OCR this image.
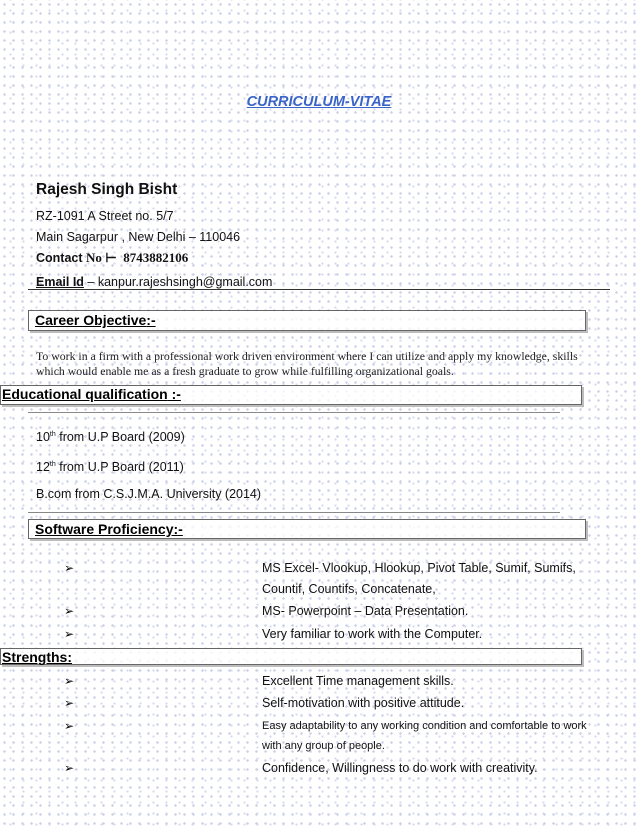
CURRICULUM-VITAE
Rajesh Singh Bisht
RZ-1091 A Street no. 5/7
Main Sagarpur , New Delhi – 110046
Contact No ⊢ 8743882106
Email Id – kanpur.rajeshsingh@gmail.com
Career Objective:-
To work in a firm with a professional work driven environment where I can utilize and apply my knowledge, skills which would enable me as a fresh graduate to grow while fulfilling organizational goals.
Educational qualification :-
10th from U.P Board (2009)
12th from U.P Board (2011)
B.com from C.S.J.M.A. University (2014)
Software Proficiency:-
➢	MS Excel- Vlookup, Hlookup, Pivot Table, Sumif, Sumifs,
Countif, Countifs, Concatenate,
➢	MS- Powerpoint – Data Presentation.
➢	Very familiar to work with the Computer.
Strengths:
➢	Excellent Time management skills.
➢	Self-motivation with positive attitude.
➢	Easy adaptability to any working condition and comfortable to work
with any group of people.
➢	Confidence, Willingness to do work with creativity.
